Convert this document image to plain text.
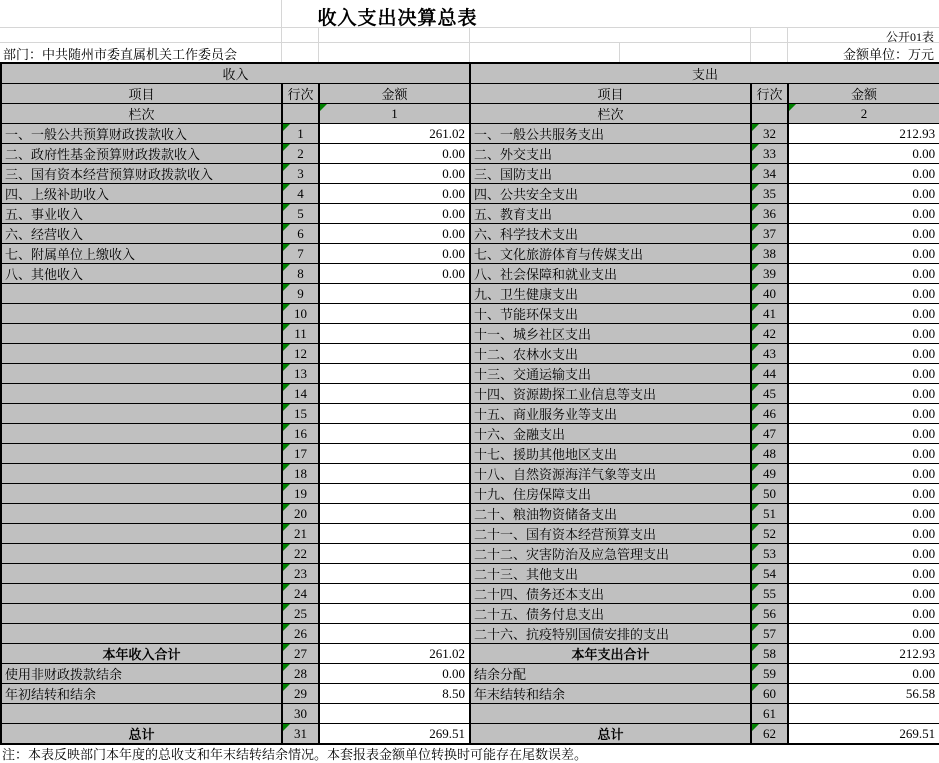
收入支出决算总表
公开01表
部门：中共随州市委直属机关工作委员会	金额单位：万元
收入			支出		
项目	行次	金额	项目	行次	金额
栏次		1	栏次		2
一、一般公共预算财政拨款收入	1	261.02	一、一般公共服务支出	32	212.93
二、政府性基金预算财政拨款收入	2	0.00	二、外交支出	33	0.00
三、国有资本经营预算财政拨款收入	3	0.00	三、国防支出	34	0.00
四、上级补助收入	4	0.00	四、公共安全支出	35	0.00
五、事业收入	5	0.00	五、教育支出	36	0.00
六、经营收入	6	0.00	六、科学技术支出	37	0.00
七、附属单位上缴收入	7	0.00	七、文化旅游体育与传媒支出	38	0.00
八、其他收入	8	0.00	八、社会保障和就业支出	39	0.00
	9		九、卫生健康支出	40	0.00
	10		十、节能环保支出	41	0.00
	11		十一、城乡社区支出	42	0.00
	12		十二、农林水支出	43	0.00
	13		十三、交通运输支出	44	0.00
	14		十四、资源勘探工业信息等支出	45	0.00
	15		十五、商业服务业等支出	46	0.00
	16		十六、金融支出	47	0.00
	17		十七、援助其他地区支出	48	0.00
	18		十八、自然资源海洋气象等支出	49	0.00
	19		十九、住房保障支出	50	0.00
	20		二十、粮油物资储备支出	51	0.00
	21		二十一、国有资本经营预算支出	52	0.00
	22		二十二、灾害防治及应急管理支出	53	0.00
	23		二十三、其他支出	54	0.00
	24		二十四、债务还本支出	55	0.00
	25		二十五、债务付息支出	56	0.00
	26		二十六、抗疫特别国债安排的支出	57	0.00
本年收入合计	27	261.02	本年支出合计	58	212.93
使用非财政拨款结余	28	0.00	结余分配	59	0.00
年初结转和结余	29	8.50	年末结转和结余	60	56.58
	30			61	
总计	31	269.51	总计	62	269.51
注：本表反映部门本年度的总收支和年末结转结余情况。本套报表金额单位转换时可能存在尾数误差。
